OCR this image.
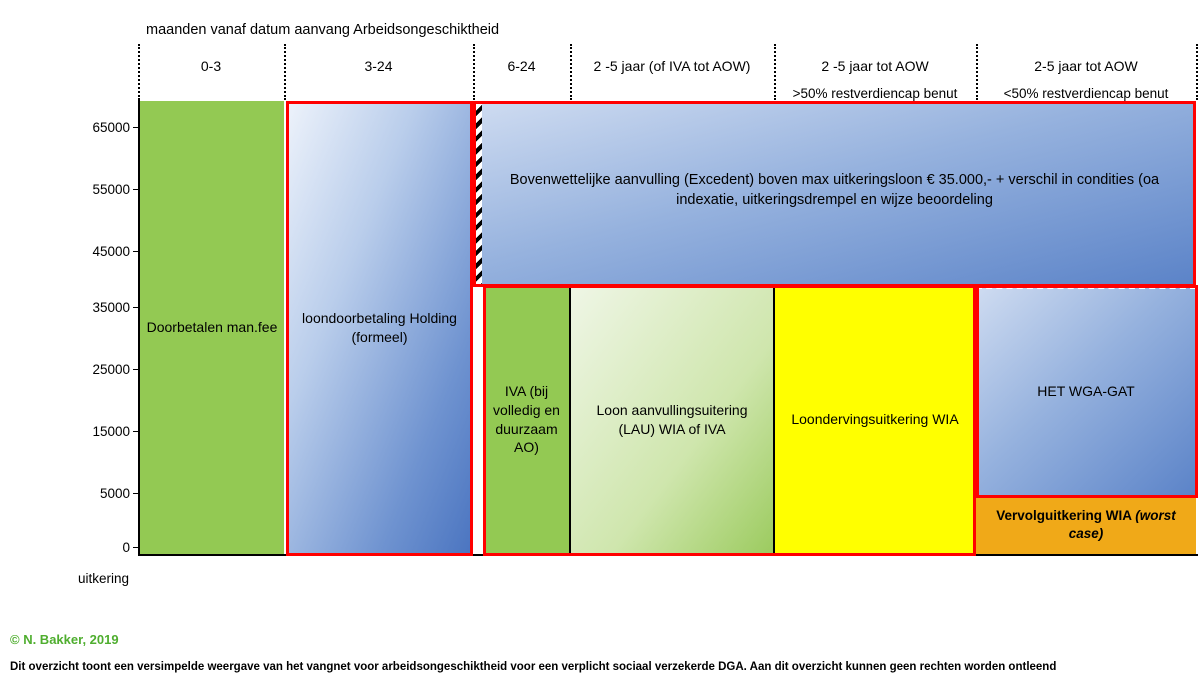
maanden vanaf datum aanvang Arbeidsongeschiktheid
0-3	3-24	6-24	2 -5 jaar (of IVA tot AOW)	2 -5 jaar tot AOW	2-5 jaar tot AOW
>50% restverdiencap benut	<50% restverdiencap benut
65000
55000
45000
35000
25000
15000
5000
0
uitkering
Doorbetalen man.fee
loondoorbetaling Holding (formeel)
Bovenwettelijke aanvulling (Excedent) boven max uitkeringsloon € 35.000,- + verschil in condities (oa indexatie, uitkeringsdrempel en wijze beoordeling
IVA (bij volledig en duurzaam AO)
Loon aanvullingsuitering (LAU) WIA of IVA
Loondervingsuitkering WIA
HET WGA-GAT
Vervolguitkering WIA (worst case)
© N. Bakker, 2019
Dit overzicht toont een versimpelde weergave van het vangnet voor arbeidsongeschiktheid voor een verplicht sociaal verzekerde DGA. Aan dit overzicht kunnen geen rechten worden ontleend
